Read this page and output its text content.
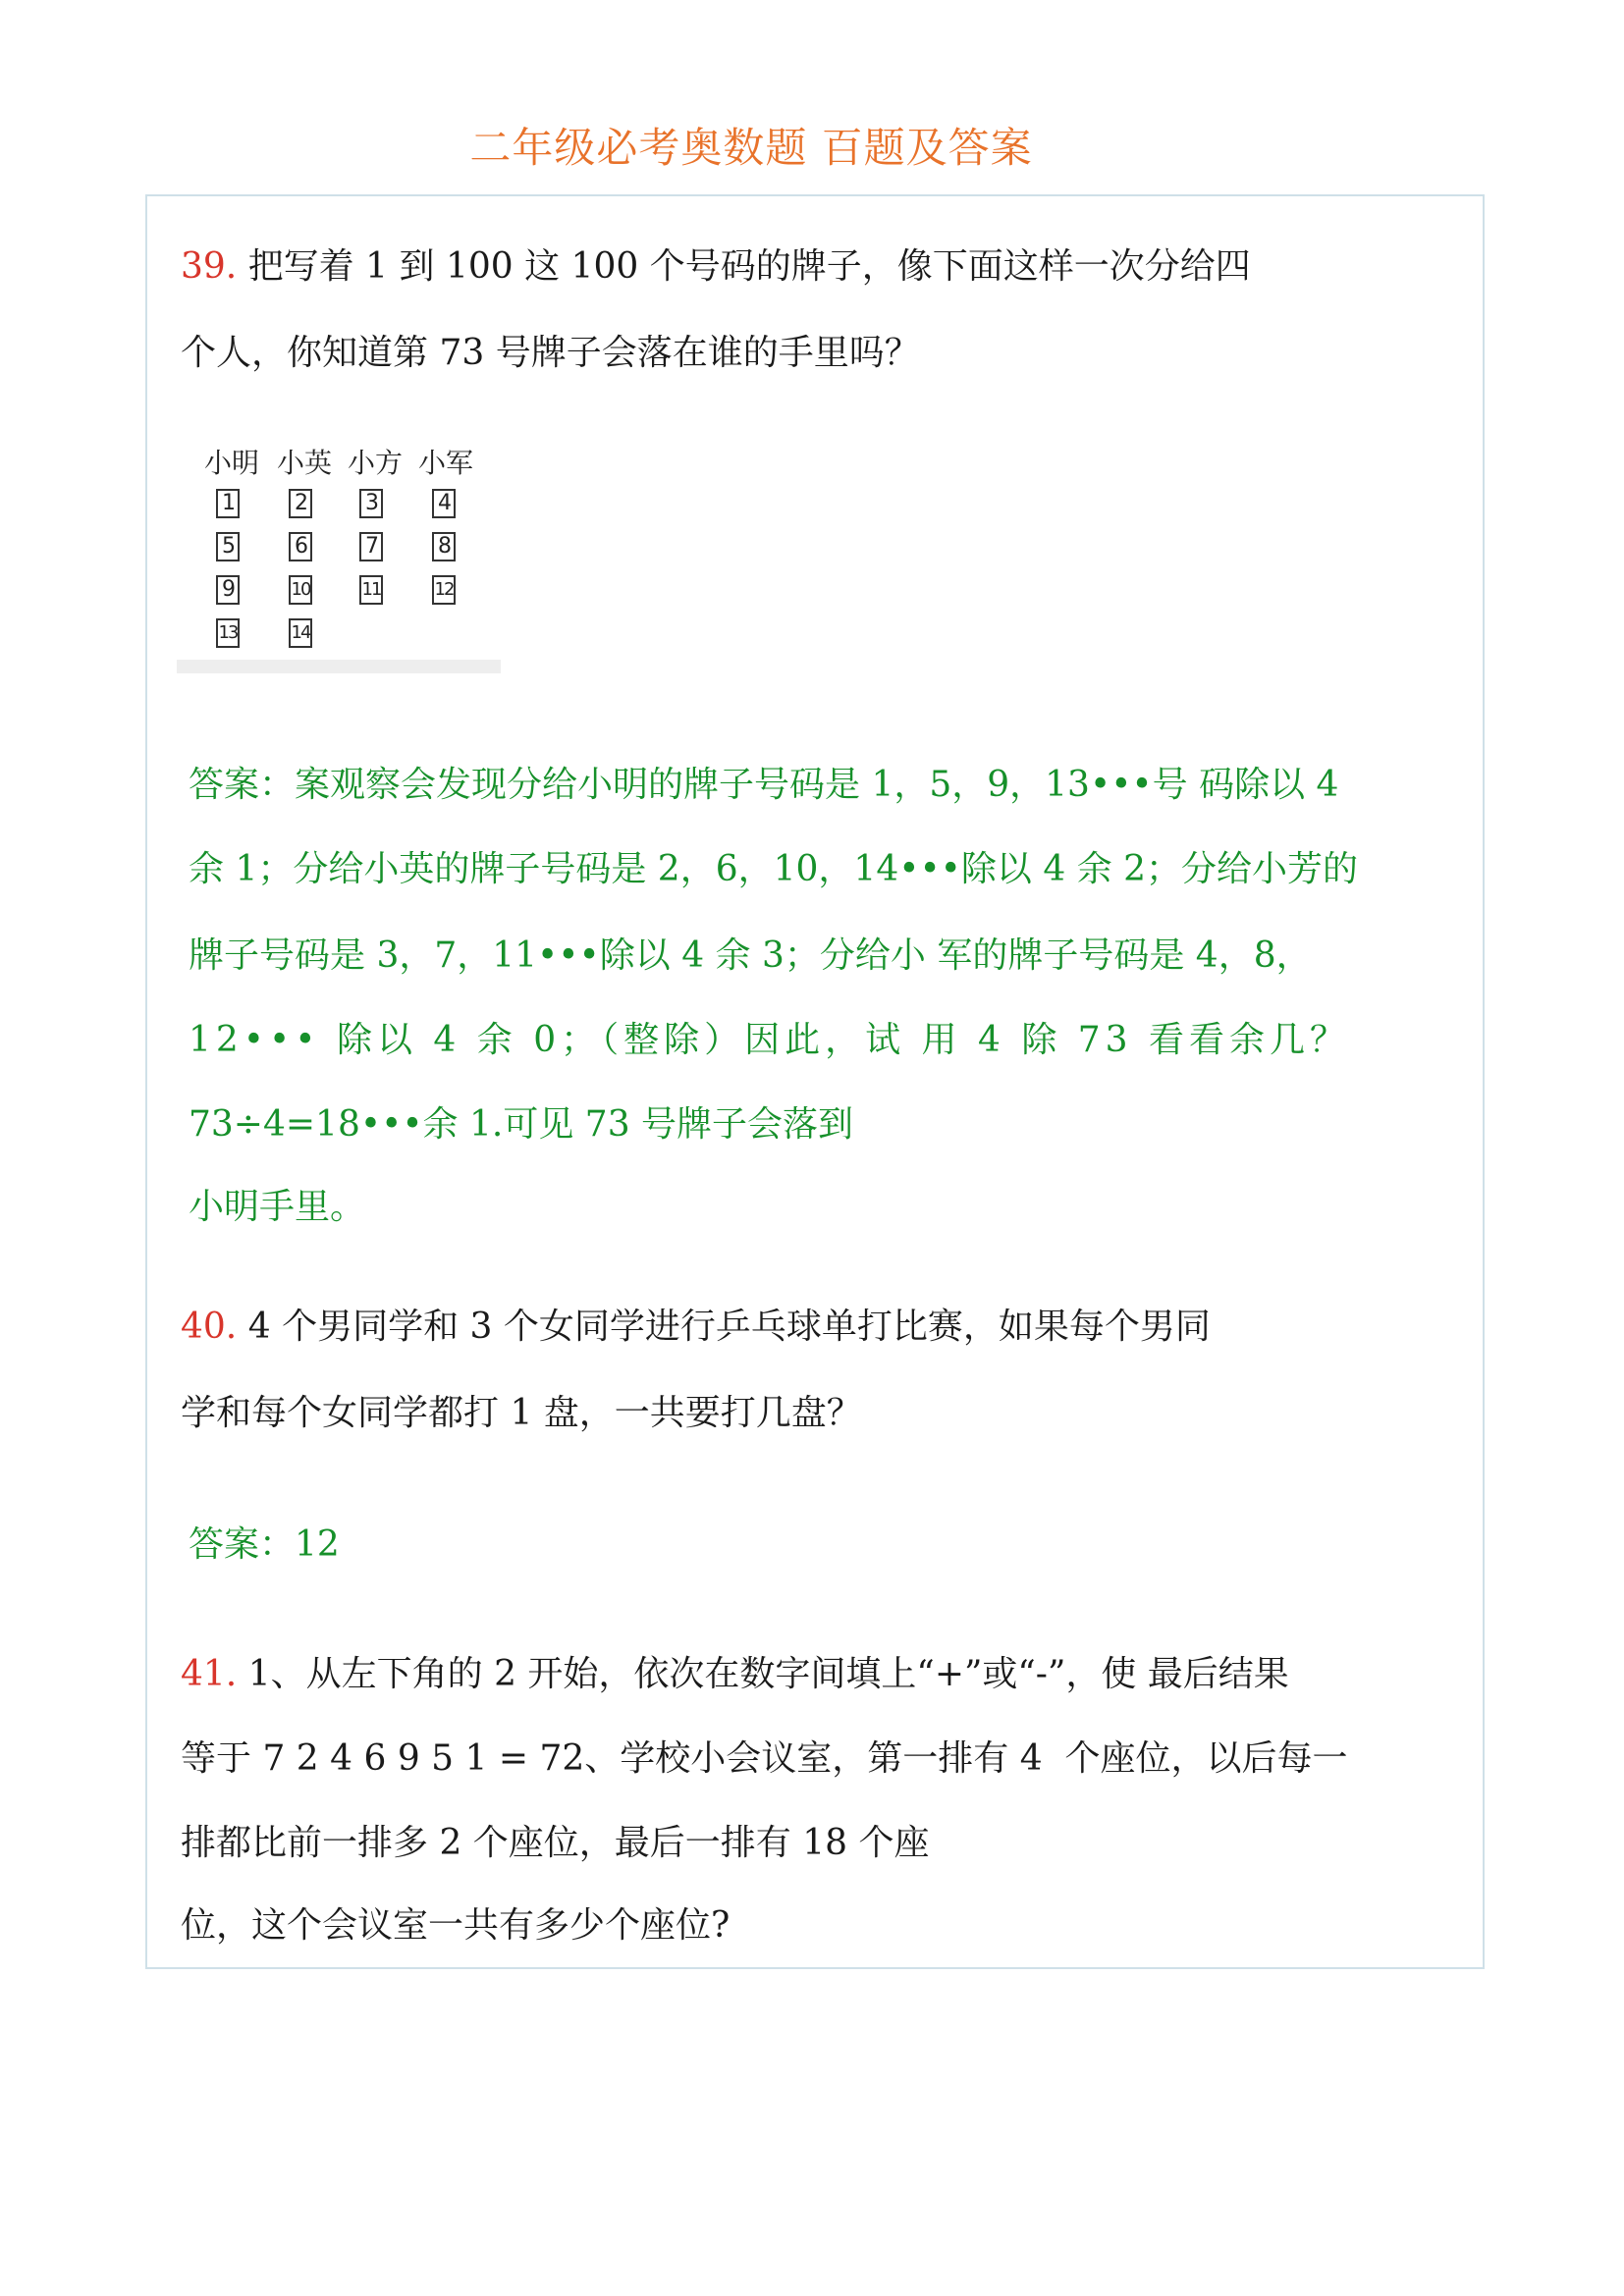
二年级必考奥数题 百题及答案
39. 把写着 1 到 100 这 100 个号码的牌子，像下面这样一次分给四
个人，你知道第 73 号牌子会落在谁的手里吗？
小明 小英 小方 小军
1	2	3	4
5	6	7	8
9	10	11	12
13	14
答案：案观察会发现分给小明的牌子号码是 1，5，9，13•••号 码除以 4
余 1；分给小英的牌子号码是 2，6，10，14•••除以 4 余 2；分给小芳的
牌子号码是 3，7，11•••除以 4 余 3；分给小 军的牌子号码是 4，8，
12••• 除以 4 余 0；（整除）因此，试 用 4 除 73 看看余几？
73÷4=18•••余 1.可见 73 号牌子会落到
小明手里。
40. 4 个男同学和 3 个女同学进行乒乓球单打比赛，如果每个男同
学和每个女同学都打 1 盘，一共要打几盘？
答案：12
41. 1、从左下角的 2 开始，依次在数字间填上“+”或“-”，使 最后结果
等于 7 2 4 6 9 5 1 = 72、学校小会议室，第一排有 4  个座位，以后每一
排都比前一排多 2 个座位，最后一排有 18 个座
位，这个会议室一共有多少个座位?
